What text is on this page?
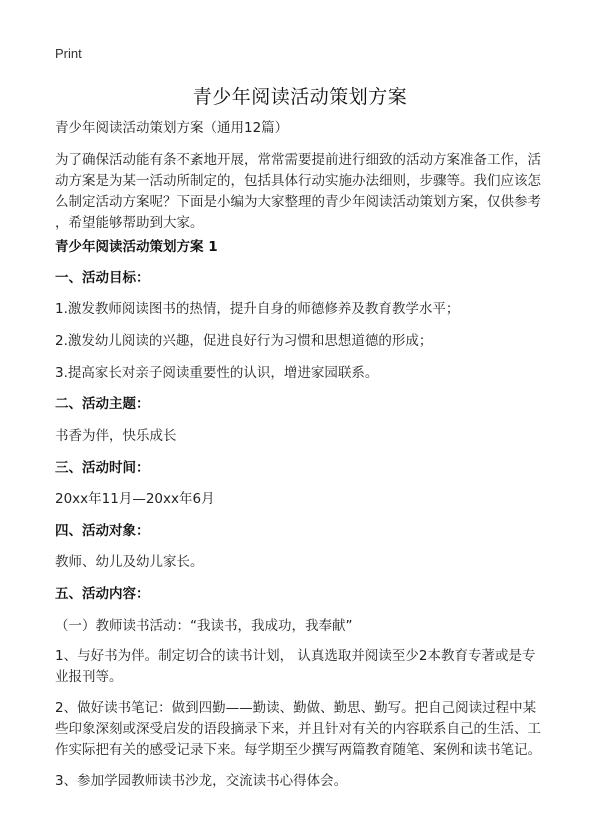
Print
青少年阅读活动策划方案
青少年阅读活动策划方案（通用12篇）
为了确保活动能有条不紊地开展，常常需要提前进行细致的活动方案准备工作，活
动方案是为某一活动所制定的，包括具体行动实施办法细则，步骤等。我们应该怎
么制定活动方案呢？下面是小编为大家整理的青少年阅读活动策划方案，仅供参考
，希望能够帮助到大家。
青少年阅读活动策划方案 1
一、活动目标：
1.激发教师阅读图书的热情，提升自身的师德修养及教育教学水平；
2.激发幼儿阅读的兴趣，促进良好行为习惯和思想道德的形成；
3.提高家长对亲子阅读重要性的认识，增进家园联系。
二、活动主题：
书香为伴，快乐成长
三、活动时间：
20xx年11月—20xx年6月
四、活动对象：
教师、幼儿及幼儿家长。
五、活动内容：
（一）教师读书活动：“我读书，我成功，我奉献”
1、与好书为伴。制定切合的读书计划， 认真选取并阅读至少2本教育专著或是专
业报刊等。
2、做好读书笔记：做到四勤——勤读、勤做、勤思、勤写。把自己阅读过程中某
些印象深刻或深受启发的语段摘录下来，并且针对有关的内容联系自己的生活、工
作实际把有关的感受记录下来。每学期至少撰写两篇教育随笔、案例和读书笔记。
3、参加学园教师读书沙龙，交流读书心得体会。
